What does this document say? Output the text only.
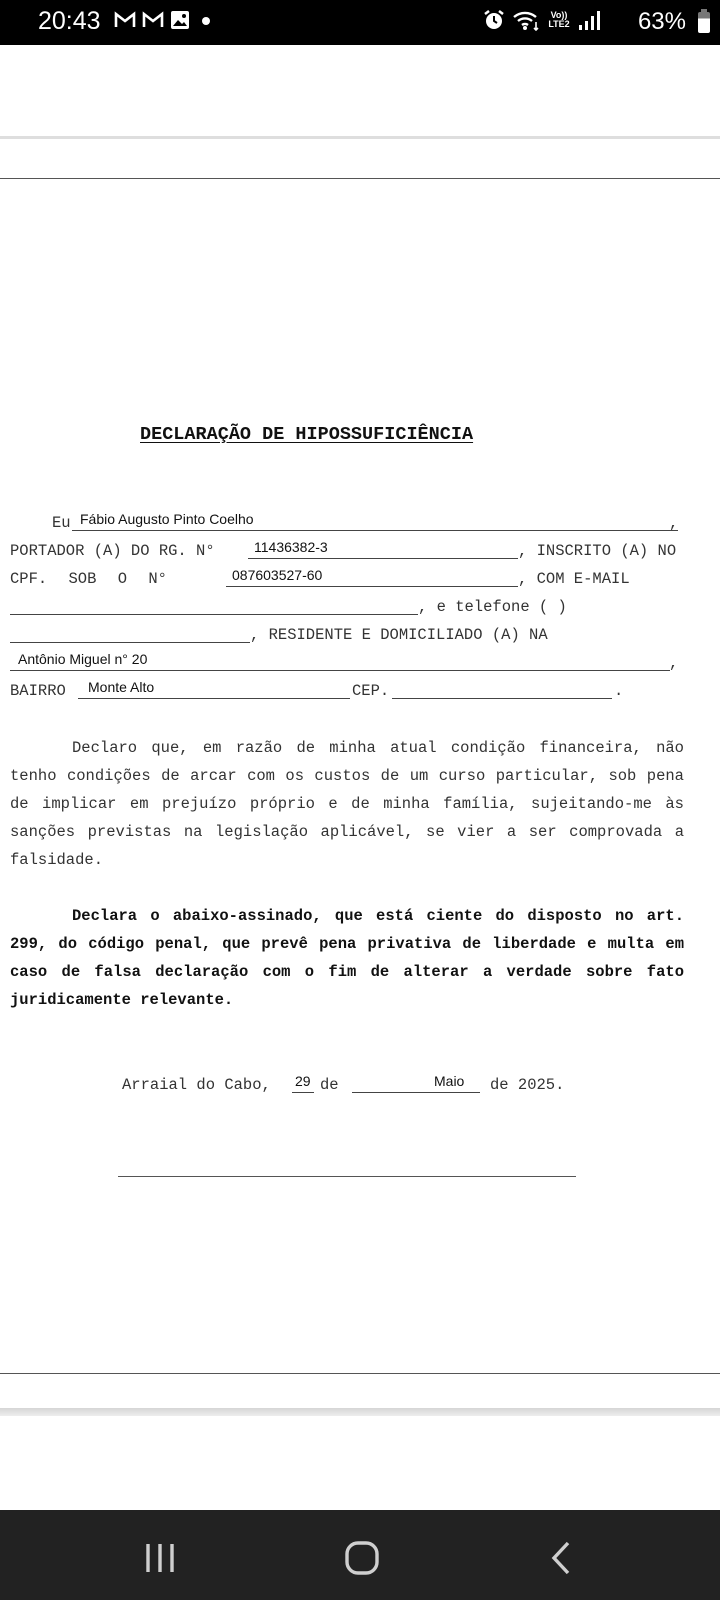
20:43	Vo))
LTE2	63%
DECLARAÇÃO DE HIPOSSUFICIÊNCIA
Eu Fábio Augusto Pinto Coelho	,
PORTADOR (A) DO RG. N°	11436382-3	, INSCRITO (A) NO
CPF. SOB O N°	087603527-60	, COM E-MAIL
, e telefone ( )
, RESIDENTE E DOMICILIADO (A) NA
Antônio Miguel n° 20	,
BAIRRO Monte Alto	CEP.	.
Declaro que, em razão de minha atual condição financeira, não tenho condições de arcar com os custos de um curso particular, sob pena de implicar em prejuízo próprio e de minha família, sujeitando-me às sanções previstas na legislação aplicável, se vier a ser comprovada a falsidade.
Declara o abaixo-assinado, que está ciente do disposto no art. 299, do código penal, que prevê pena privativa de liberdade e multa em caso de falsa declaração com o fim de alterar a verdade sobre fato juridicamente relevante.
Arraial do Cabo, 29 de	Maio de 2025.
